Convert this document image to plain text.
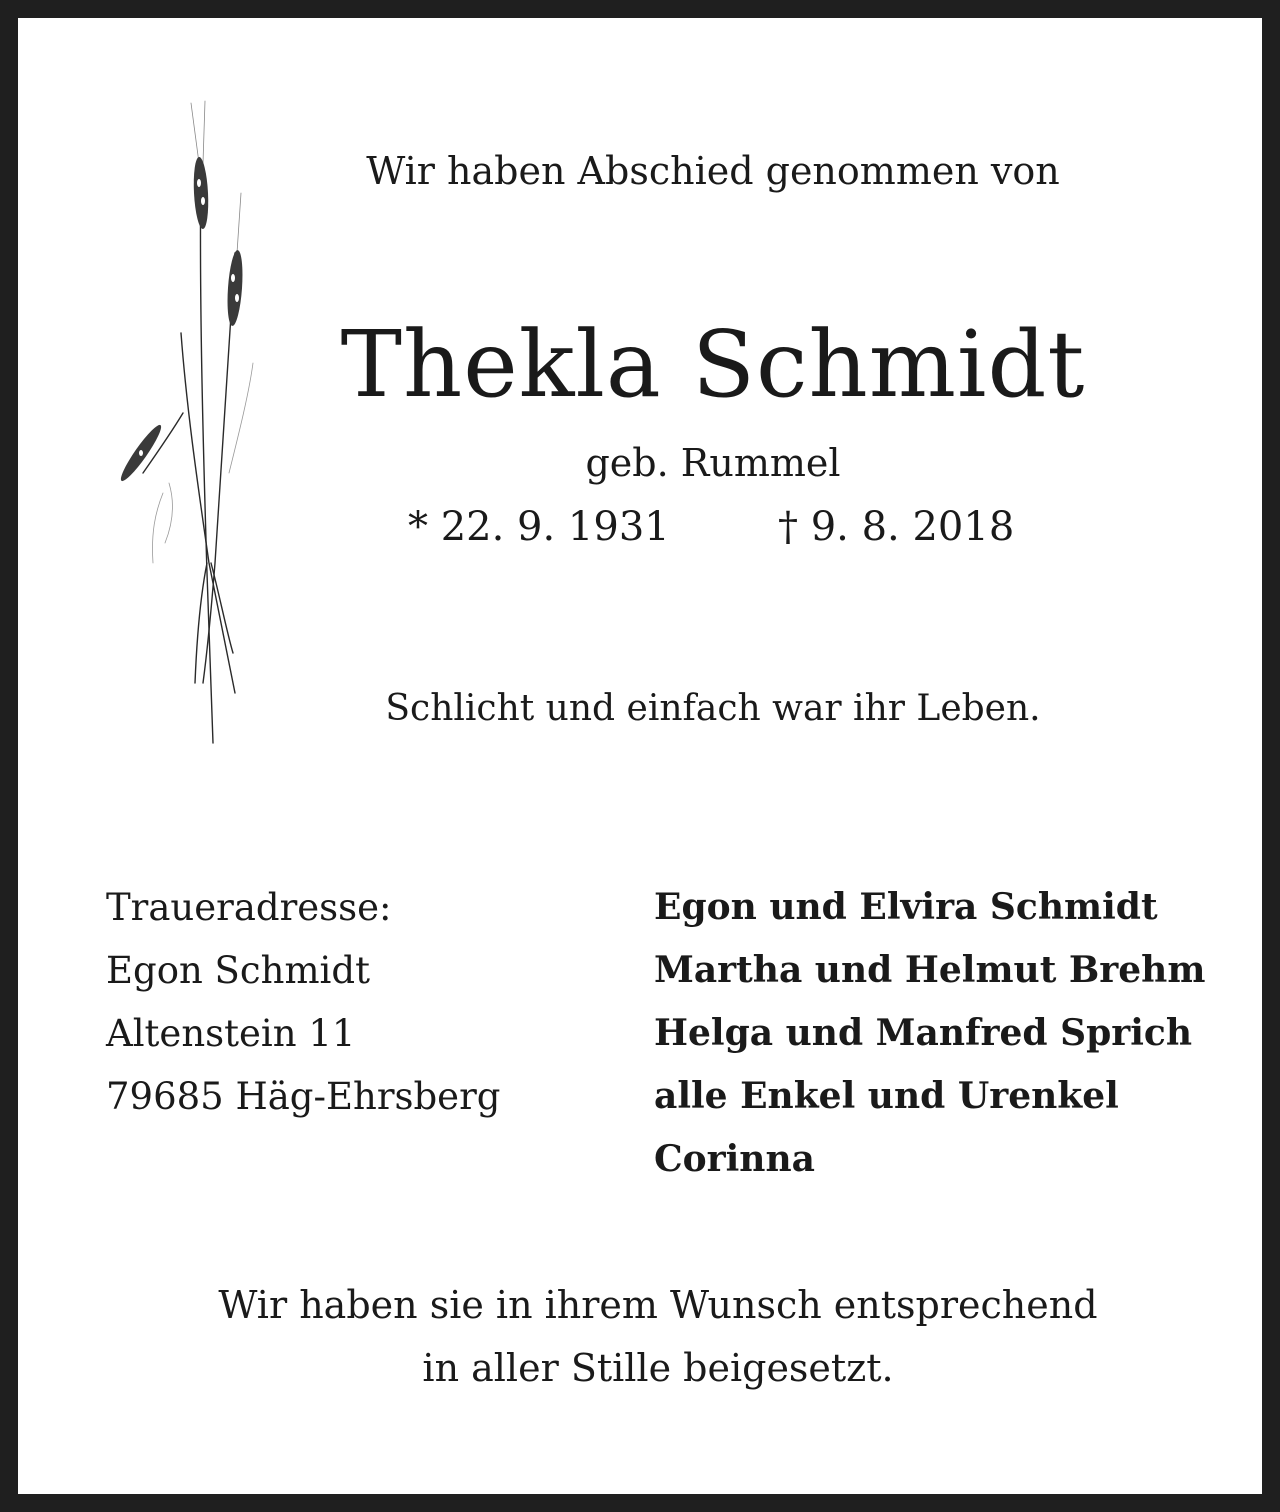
Wir haben Abschied genommen von

Thekla Schmidt

geb. Rummel

* 22. 9. 1931	† 9. 8. 2018

Schlicht und einfach war ihr Leben.

Traueradresse:
Egon Schmidt
Altenstein 11
79685 Häg-Ehrsberg
Egon und Elvira Schmidt
Martha und Helmut Brehm
Helga und Manfred Sprich
alle Enkel und Urenkel
Corinna
Wir haben sie in ihrem Wunsch entsprechend
in aller Stille beigesetzt.
